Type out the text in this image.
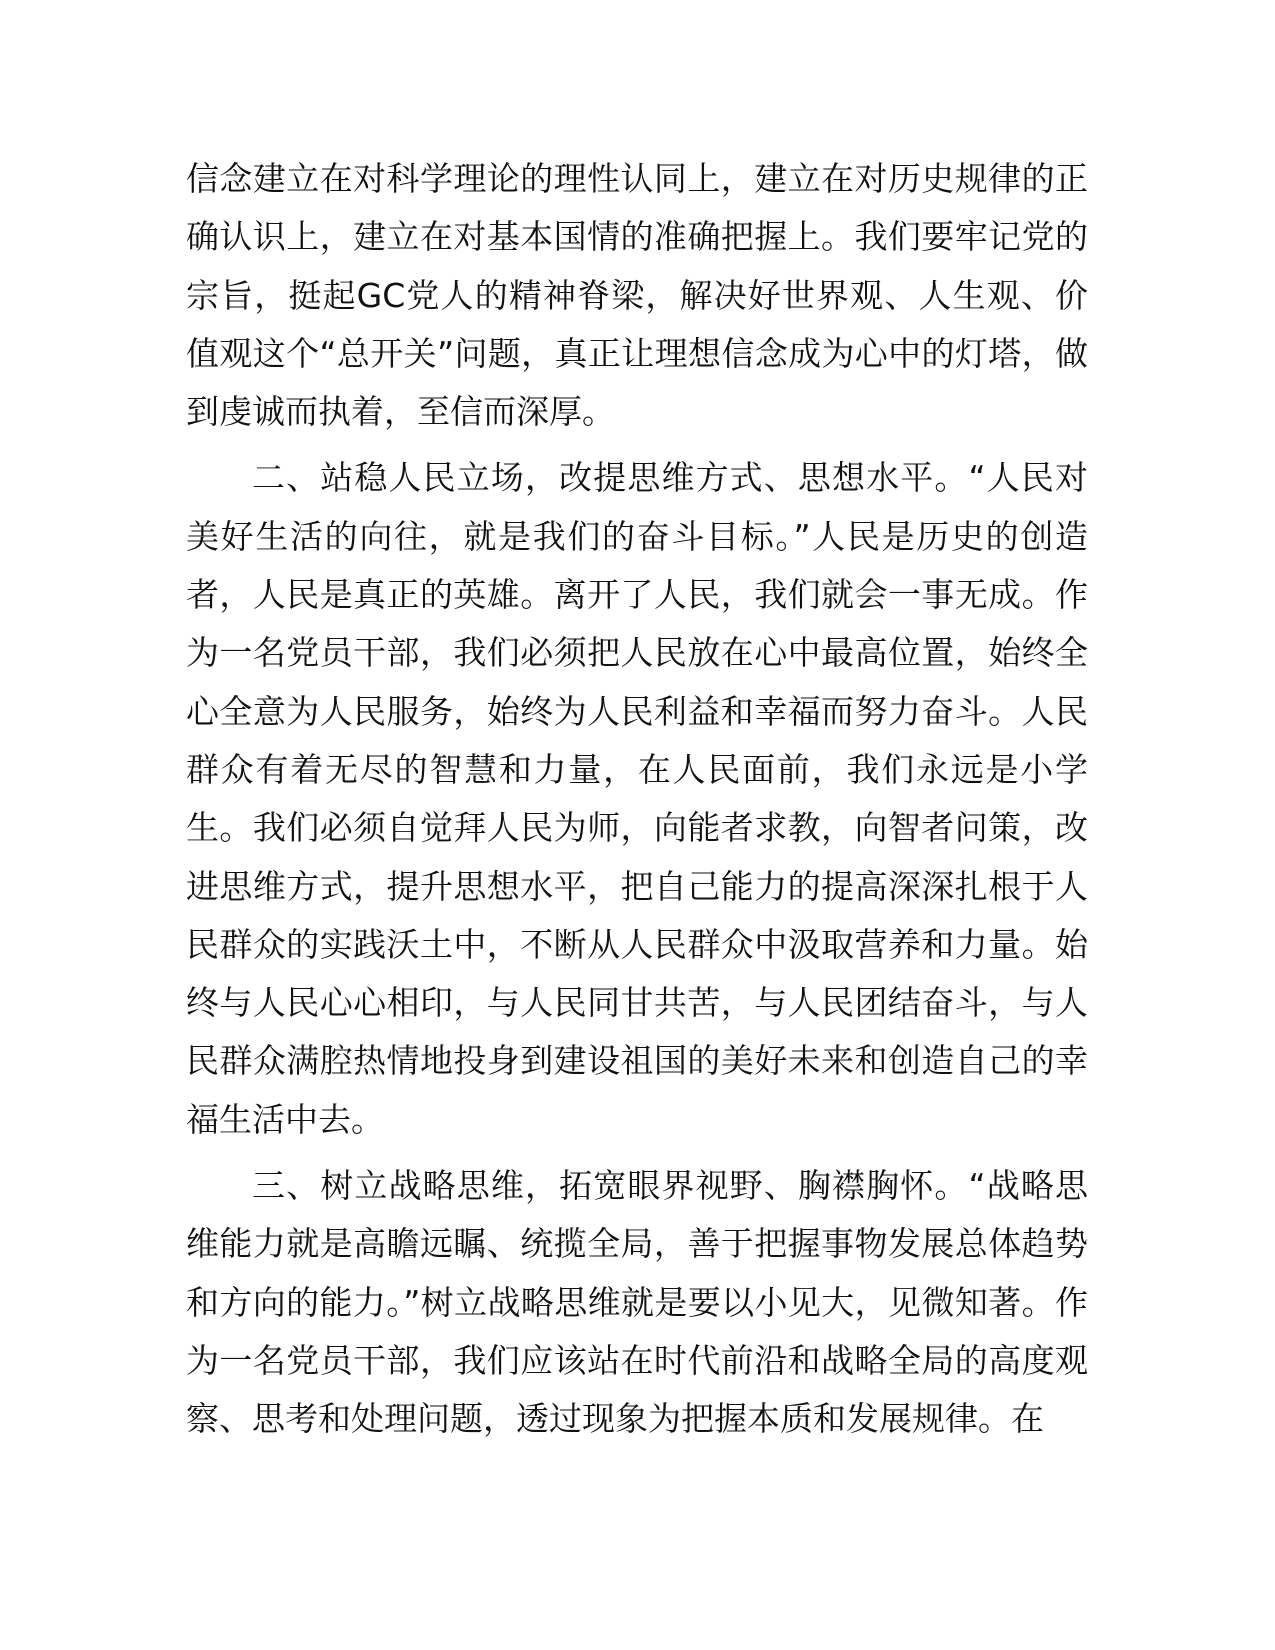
信念建立在对科学理论的理性认同上，建立在对历史规律的正确认识上，建立在对基本国情的准确把握上。我们要牢记党的宗旨，挺起GC党人的精神脊梁，解决好世界观、人生观、价值观这个“总开关”问题，真正让理想信念成为心中的灯塔，做到虔诚而执着，至信而深厚。

二、站稳人民立场，改提思维方式、思想水平。“人民对美好生活的向往，就是我们的奋斗目标。”人民是历史的创造者，人民是真正的英雄。离开了人民，我们就会一事无成。作为一名党员干部，我们必须把人民放在心中最高位置，始终全心全意为人民服务，始终为人民利益和幸福而努力奋斗。人民群众有着无尽的智慧和力量，在人民面前，我们永远是小学生。我们必须自觉拜人民为师，向能者求教，向智者问策，改进思维方式，提升思想水平，把自己能力的提高深深扎根于人民群众的实践沃土中，不断从人民群众中汲取营养和力量。始终与人民心心相印，与人民同甘共苦，与人民团结奋斗，与人民群众满腔热情地投身到建设祖国的美好未来和创造自己的幸福生活中去。

三、树立战略思维，拓宽眼界视野、胸襟胸怀。“战略思维能力就是高瞻远瞩、统揽全局，善于把握事物发展总体趋势和方向的能力。”树立战略思维就是要以小见大，见微知著。作为一名党员干部，我们应该站在时代前沿和战略全局的高度观察、思考和处理问题，透过现象为把握本质和发展规律。在
